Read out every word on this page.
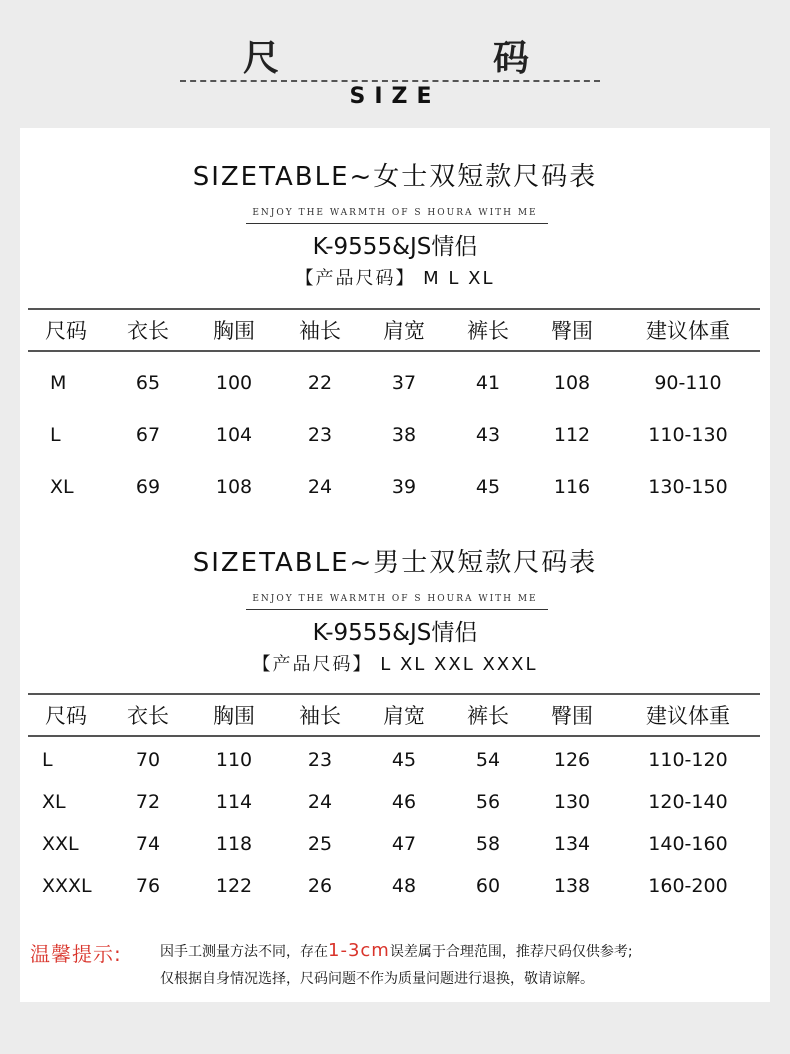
尺	码
SIZE
SIZETABLE~女士双短款尺码表
ENJOY THE WARMTH OF S HOURA WITH ME
K-9555&JS情侣
【产品尺码】 M L XL
尺码	衣长	胸围	袖长	肩宽	裤长	臀围	建议体重
M	65	100	22	37	41	108	90-110
L	67	104	23	38	43	112	110-130
XL	69	108	24	39	45	116	130-150
SIZETABLE~男士双短款尺码表
ENJOY THE WARMTH OF S HOURA WITH ME
K-9555&JS情侣
【产品尺码】 L XL XXL XXXL
尺码	衣长	胸围	袖长	肩宽	裤长	臀围	建议体重
L	70	110	23	45	54	126	110-120
XL	72	114	24	46	56	130	120-140
XXL	74	118	25	47	58	134	140-160
XXXL	76	122	26	48	60	138	160-200
温馨提示:	因手工测量方法不同，存在1-3cm误差属于合理范围，推荐尺码仅供参考;
仅根据自身情况选择，尺码问题不作为质量问题进行退换，敬请谅解。
